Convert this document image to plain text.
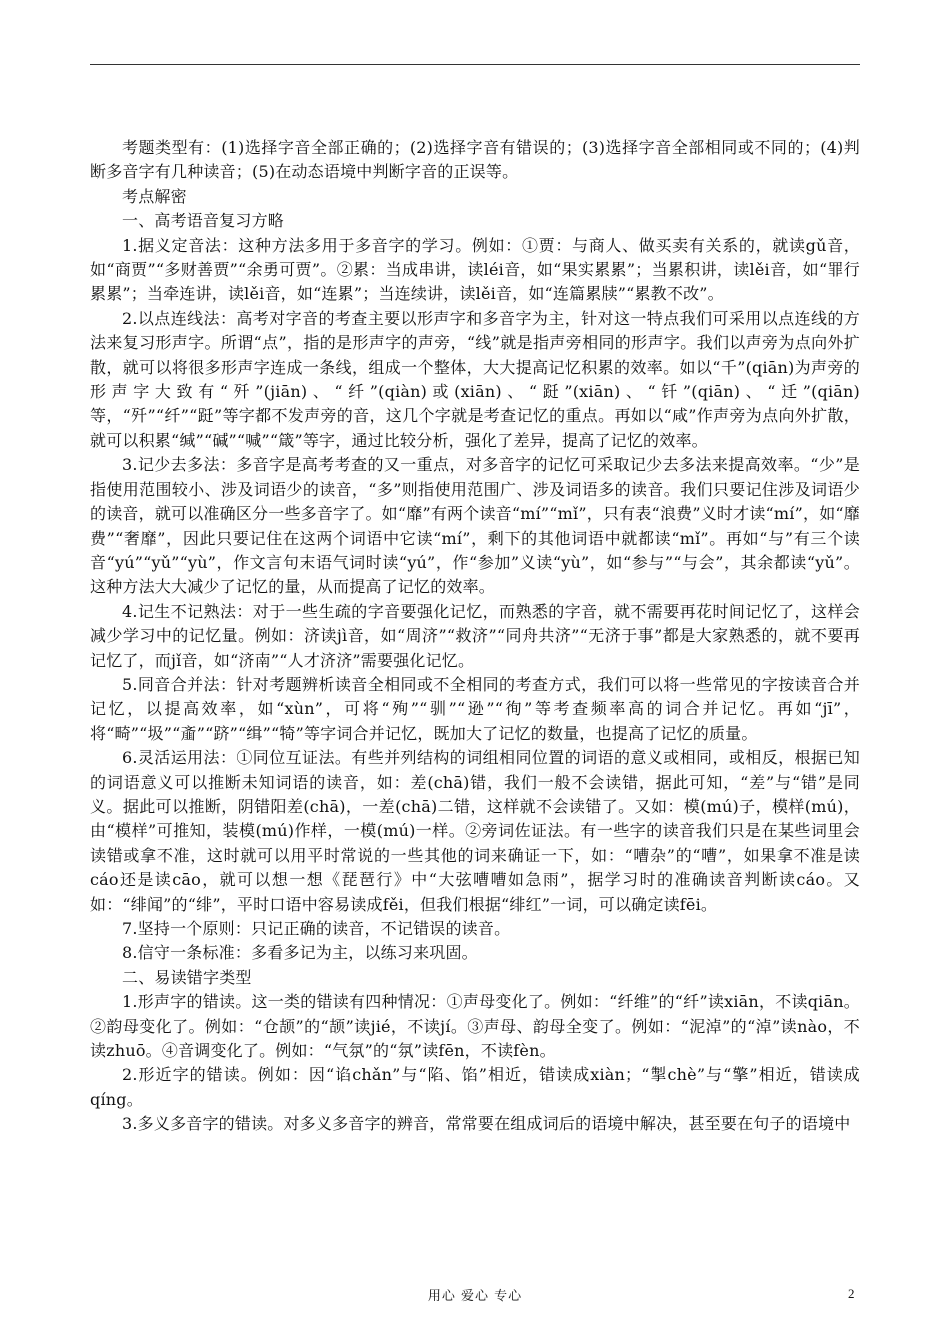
考题类型有：(1)选择字音全部正确的；(2)选择字音有错误的；(3)选择字音全部相同或不同的；(4)判断多音字有几种读音；(5)在动态语境中判断字音的正误等。

考点解密

一、高考语音复习方略

1.据义定音法：这种方法多用于多音字的学习。例如：①贾：与商人、做买卖有关系的，就读gǔ音，如“商贾”“多财善贾”“余勇可贾”。②累：当成串讲，读léi音，如“果实累累”；当累积讲，读lěi音，如“罪行累累”；当牵连讲，读lěi音，如“连累”；当连续讲，读lěi音，如“连篇累牍”“累教不改”。

2.以点连线法：高考对字音的考查主要以形声字和多音字为主，针对这一特点我们可采用以点连线的方法来复习形声字。所谓“点”，指的是形声字的声旁，“线”就是指声旁相同的形声字。我们以声旁为点向外扩散，就可以将很多形声字连成一条线，组成一个整体，大大提高记忆积累的效率。如以“千”(qiān)为声旁的形声字大致有“歼”(jiān)、“纤”(qiàn)或(xiān)、“跹”(xiān)、“钎”(qiān)、“迁”(qiān)等，“歼”“纤”“跹”等字都不发声旁的音，这几个字就是考查记忆的重点。再如以“咸”作声旁为点向外扩散，就可以积累“缄”“碱”“喊”“箴”等字，通过比较分析，强化了差异，提高了记忆的效率。

3.记少去多法：多音字是高考考查的又一重点，对多音字的记忆可采取记少去多法来提高效率。“少”是指使用范围较小、涉及词语少的读音，“多”则指使用范围广、涉及词语多的读音。我们只要记住涉及词语少的读音，就可以准确区分一些多音字了。如“靡”有两个读音“mí”“mǐ”，只有表“浪费”义时才读“mí”，如“靡费”“奢靡”，因此只要记住在这两个词语中它读“mí”，剩下的其他词语中就都读“mǐ”。再如“与”有三个读音“yú”“yǔ”“yù”，作文言句末语气词时读“yú”，作“参加”义读“yù”，如“参与”“与会”，其余都读“yǔ”。这种方法大大减少了记忆的量，从而提高了记忆的效率。

4.记生不记熟法：对于一些生疏的字音要强化记忆，而熟悉的字音，就不需要再花时间记忆了，这样会减少学习中的记忆量。例如：济读jì音，如“周济”“救济”“同舟共济”“无济于事”都是大家熟悉的，就不要再记忆了，而jǐ音，如“济南”“人才济济”需要强化记忆。

5.同音合并法：针对考题辨析读音全相同或不全相同的考查方式，我们可以将一些常见的字按读音合并记忆，以提高效率，如“xùn”，可将“殉”“驯”“逊”“徇”等考查频率高的词合并记忆。再如“jī”，将“畸”“圾”“齑”“跻”“缉”“犄”等字词合并记忆，既加大了记忆的数量，也提高了记忆的质量。

6.灵活运用法：①同位互证法。有些并列结构的词组相同位置的词语的意义或相同，或相反，根据已知的词语意义可以推断未知词语的读音，如：差(chā)错，我们一般不会读错，据此可知，“差”与“错”是同义。据此可以推断，阴错阳差(chā)，一差(chā)二错，这样就不会读错了。又如：模(mú)子，模样(mú)，由“模样”可推知，装模(mú)作样，一模(mú)一样。②旁词佐证法。有一些字的读音我们只是在某些词里会读错或拿不准，这时就可以用平时常说的一些其他的词来确证一下，如：“嘈杂”的“嘈”，如果拿不准是读cáo还是读cāo，就可以想一想《琵琶行》中“大弦嘈嘈如急雨”，据学习时的准确读音判断读cáo。又如：“绯闻”的“绯”，平时口语中容易读成fěi，但我们根据“绯红”一词，可以确定读fēi。

7.坚持一个原则：只记正确的读音，不记错误的读音。

8.信守一条标准：多看多记为主，以练习来巩固。

二、易读错字类型

1.形声字的错读。这一类的错读有四种情况：①声母变化了。例如：“纤维”的“纤”读xiān，不读qiān。②韵母变化了。例如：“仓颉”的“颉”读jié，不读jí。③声母、韵母全变了。例如：“泥淖”的“淖”读nào，不读zhuō。④音调变化了。例如：“气氛”的“氛”读fēn，不读fèn。

2.形近字的错读。例如：因“谄chǎn”与“陷、馅”相近，错读成xiàn；“掣chè”与“擎”相近，错读成qíng。

3.多义多音字的错读。对多义多音字的辨音，常常要在组成词后的语境中解决，甚至要在句子的语境中

用心 爱心 专心	2
